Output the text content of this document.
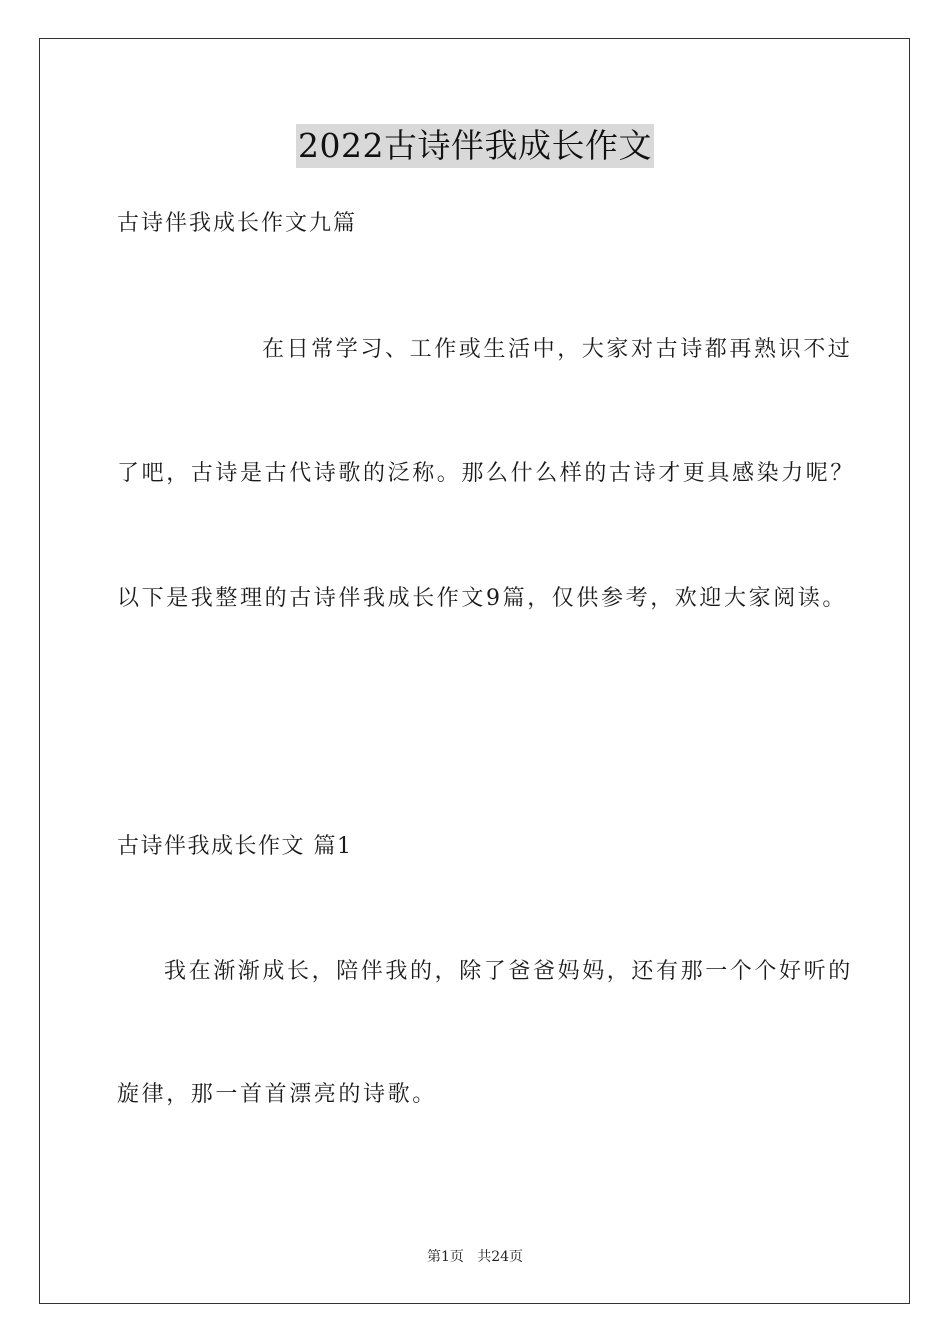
2022古诗伴我成长作文
古诗伴我成长作文九篇
在日常学习、工作或生活中，大家对古诗都再熟识不过
了吧，古诗是古代诗歌的泛称。那么什么样的古诗才更具感染力呢？
以下是我整理的古诗伴我成长作文9篇，仅供参考，欢迎大家阅读。
古诗伴我成长作文 篇1
我在渐渐成长，陪伴我的，除了爸爸妈妈，还有那一个个好听的
旋律，那一首首漂亮的诗歌。
第1页   共24页
